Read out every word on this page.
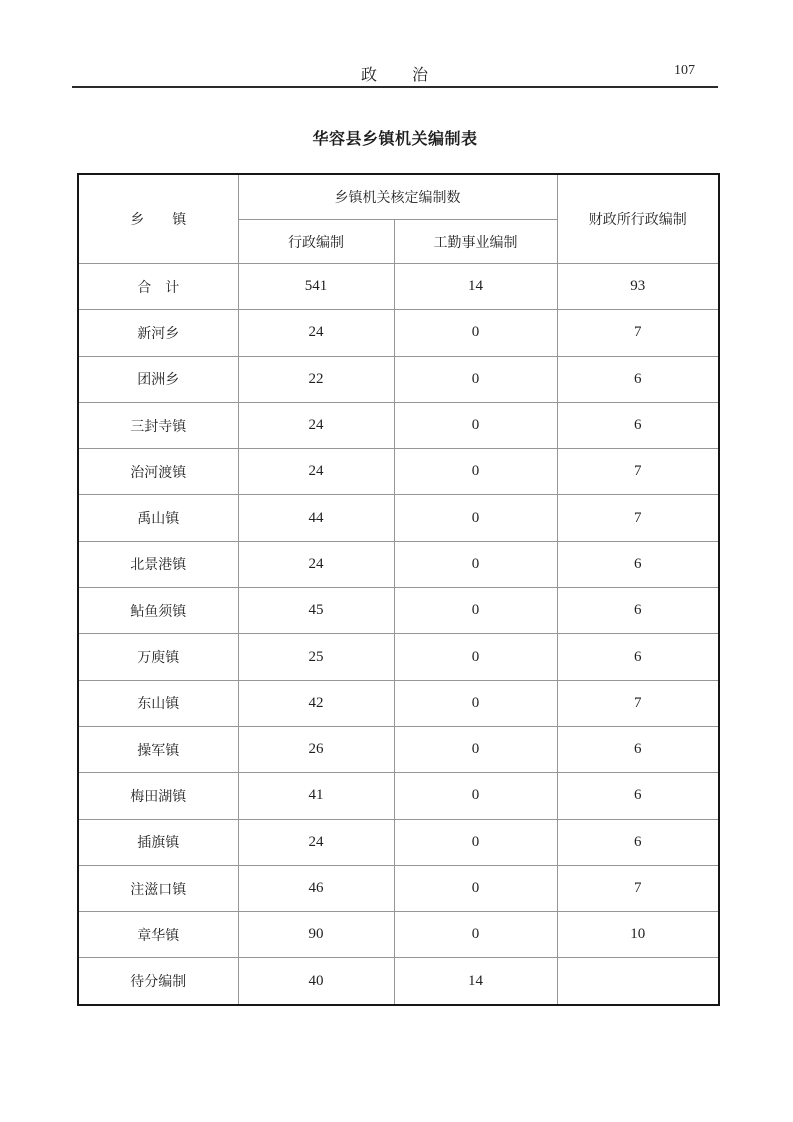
政　　治	107
华容县乡镇机关编制表
乡　　镇	乡镇机关核定编制数		财政所行政编制
	行政编制	工勤事业编制	
合　计	541	14	93
新河乡	24	0	7
团洲乡	22	0	6
三封寺镇	24	0	6
治河渡镇	24	0	7
禹山镇	44	0	7
北景港镇	24	0	6
鲇鱼须镇	45	0	6
万庾镇	25	0	6
东山镇	42	0	7
操军镇	26	0	6
梅田湖镇	41	0	6
插旗镇	24	0	6
注滋口镇	46	0	7
章华镇	90	0	10
待分编制	40	14	
